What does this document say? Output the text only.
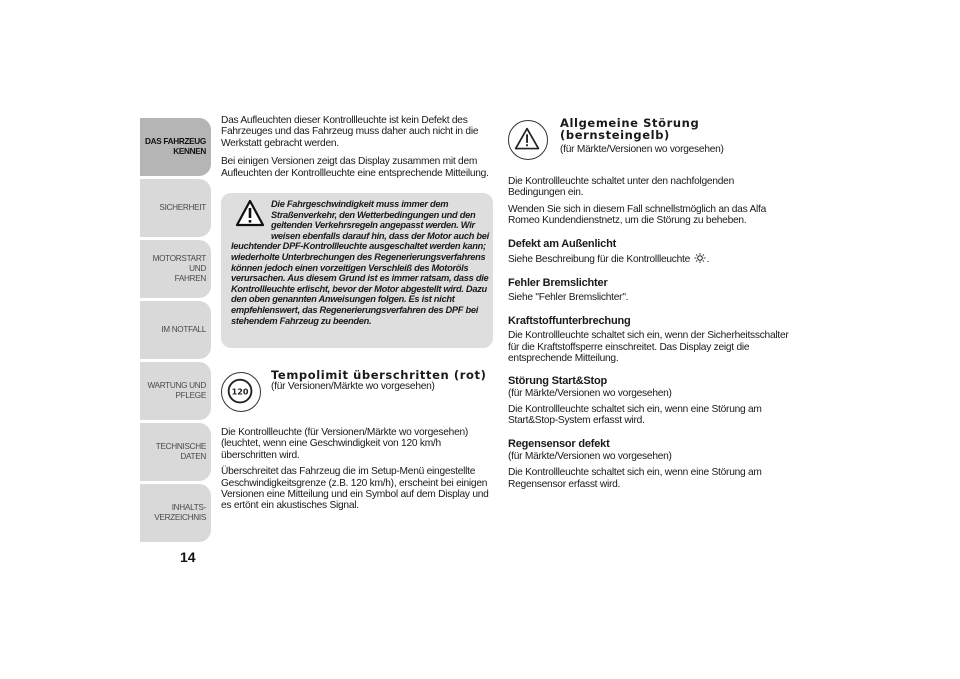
DAS FAHRZEUG
KENNEN
SICHERHEIT
MOTORSTART UND
FAHREN
IM NOTFALL
WARTUNG UND
PFLEGE
TECHNISCHE DATEN
INHALTS-
VERZEICHNIS
14

Das Aufleuchten dieser Kontrollleuchte ist kein Defekt des Fahrzeuges und das Fahrzeug muss daher auch nicht in die Werkstatt gebracht werden.

Bei einigen Versionen zeigt das Display zusammen mit dem Aufleuchten der Kontrollleuchte eine entsprechende Mitteilung.

Die Fahrgeschwindigkeit muss immer dem Straßenverkehr, den Wetterbedingungen und den geltenden Verkehrsregeln angepasst werden. Wir weisen ebenfalls darauf hin, dass der Motor auch bei leuchtender DPF-Kontrollleuchte ausgeschaltet werden kann; wiederholte Unterbrechungen des Regenerierungsverfahrens können jedoch einen vorzeitigen Verschleiß des Motoröls verursachen. Aus diesem Grund ist es immer ratsam, dass die Kontrollleuchte erlischt, bevor der Motor abgestellt wird. Dazu den oben genannten Anweisungen folgen. Es ist nicht empfehlenswert, das Regenerierungsverfahren des DPF bei stehendem Fahrzeug zu beenden.
120

Tempolimit überschritten (rot)

(für Versionen/Märkte wo vorgesehen)

Die Kontrollleuchte (für Versionen/Märkte wo vorgesehen) (leuchtet, wenn eine Geschwindigkeit von 120 km/h überschritten wird.

Überschreitet das Fahrzeug die im Setup-Menü eingestellte Geschwindigkeitsgrenze (z.B. 120 km/h), erscheint bei einigen Versionen eine Mitteilung und ein Symbol auf dem Display und es ertönt ein akustisches Signal.

Allgemeine Störung

(bernsteingelb)

(für Märkte/Versionen wo vorgesehen)

Die Kontrollleuchte schaltet unter den nachfolgenden Bedingungen ein.

Wenden Sie sich in diesem Fall schnellstmöglich an das Alfa Romeo Kundendienstnetz, um die Störung zu beheben.

Defekt am Außenlicht

Siehe Beschreibung für die Kontrollleuchte .

Fehler Bremslichter

Siehe "Fehler Bremslichter".

Kraftstoffunterbrechung

Die Kontrollleuchte schaltet sich ein, wenn der Sicherheitsschalter für die Kraftstoffsperre einschreitet. Das Display zeigt die entsprechende Mitteilung.

Störung Start&Stop

(für Märkte/Versionen wo vorgesehen)

Die Kontrollleuchte schaltet sich ein, wenn eine Störung am Start&Stop-System erfasst wird.

Regensensor defekt

(für Märkte/Versionen wo vorgesehen)

Die Kontrollleuchte schaltet sich ein, wenn eine Störung am Regensensor erfasst wird.
